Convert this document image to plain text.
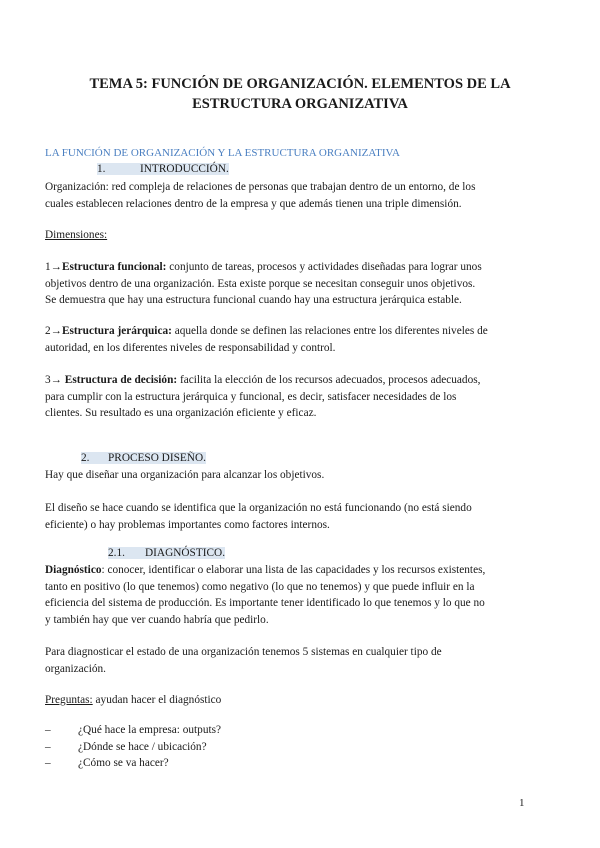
TEMA 5: FUNCIÓN DE ORGANIZACIÓN. ELEMENTOS DE LA
ESTRUCTURA ORGANIZATIVA
LA FUNCIÓN DE ORGANIZACIÓN Y LA ESTRUCTURA ORGANIZATIVA
1.	INTRODUCCIÓN.
Organización: red compleja de relaciones de personas que trabajan dentro de un entorno, de los
cuales establecen relaciones dentro de la empresa y que además tienen una triple dimensión.
Dimensiones:
1→Estructura funcional: conjunto de tareas, procesos y actividades diseñadas para lograr unos
objetivos dentro de una organización. Esta existe porque se necesitan conseguir unos objetivos.
Se demuestra que hay una estructura funcional cuando hay una estructura jerárquica estable.
2→Estructura jerárquica: aquella donde se definen las relaciones entre los diferentes niveles de
autoridad, en los diferentes niveles de responsabilidad y control.
3→ Estructura de decisión: facilita la elección de los recursos adecuados, procesos adecuados,
para cumplir con la estructura jerárquica y funcional, es decir, satisfacer necesidades de los
clientes. Su resultado es una organización eficiente y eficaz.
2. PROCESO DISEÑO.
Hay que diseñar una organización para alcanzar los objetivos.
El diseño se hace cuando se identifica que la organización no está funcionando (no está siendo
eficiente) o hay problemas importantes como factores internos.
2.1. DIAGNÓSTICO.
Diagnóstico: conocer, identificar o elaborar una lista de las capacidades y los recursos existentes,
tanto en positivo (lo que tenemos) como negativo (lo que no tenemos) y que puede influir en la
eficiencia del sistema de producción. Es importante tener identificado lo que tenemos y lo que no
y también hay que ver cuando habría que pedirlo.
Para diagnosticar el estado de una organización tenemos 5 sistemas en cualquier tipo de
organización.
Preguntas: ayudan hacer el diagnóstico
– ¿Qué hace la empresa: outputs?
– ¿Dónde se hace / ubicación?
– ¿Cómo se va hacer?
1
